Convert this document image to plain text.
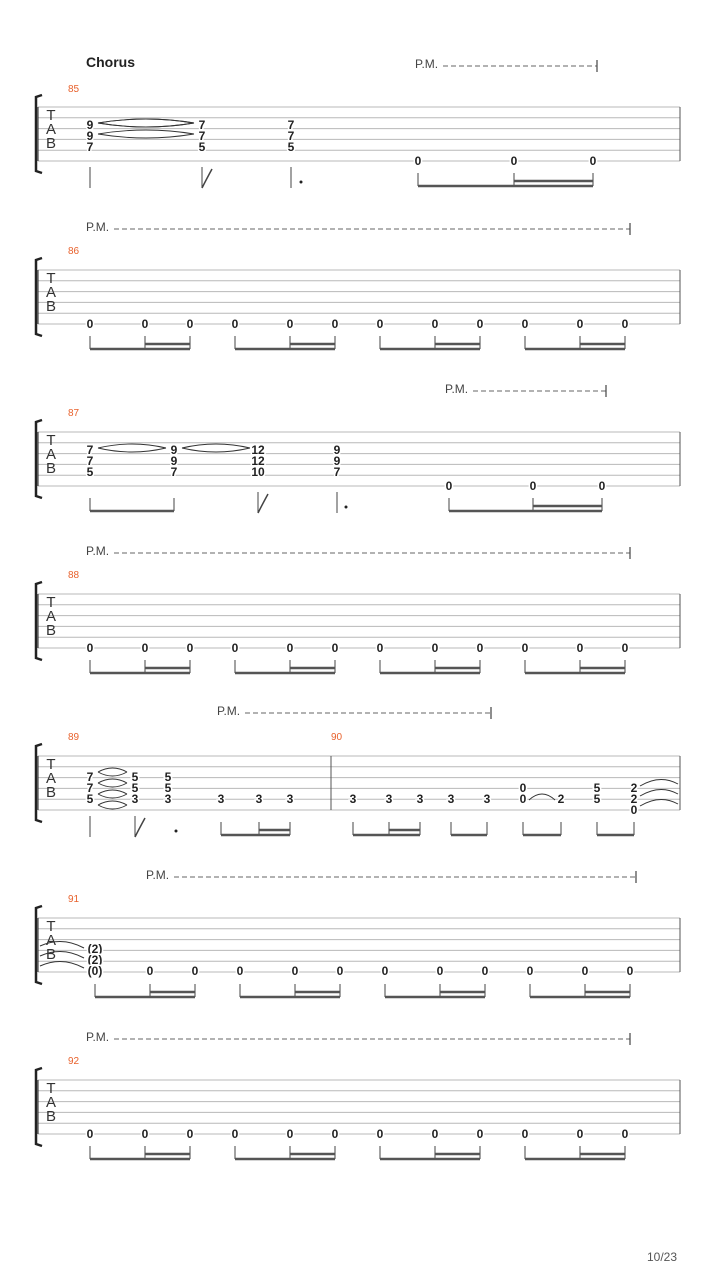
Chorus
T
A
B
P.M.
85
9
9
7
7
7
5
7
7
5
0	0	0
T
A
B
P.M.
86
0	0	0	0	0	0	0	0	0	0	0	0
T
A
B
P.M.
87
7
7
5
9
9
7
12
12
10
9
9
7
0	0	0
T
A
B
P.M.
88
0	0	0	0	0	0	0	0	0	0	0	0
T
A
B
P.M.
89
7
7
5
5
5
3
5
5
3	3	3 3
90
3 3 3 3 3
0
0	2
5
5
2
2
0
T
A
B
P.M.
91
(2)
(2)
(0)	0	0	0	0	0	0	0	0	0	0	0
T
A
B
P.M.
92
0	0	0	0	0	0	0	0	0	0	0	0
10/23
